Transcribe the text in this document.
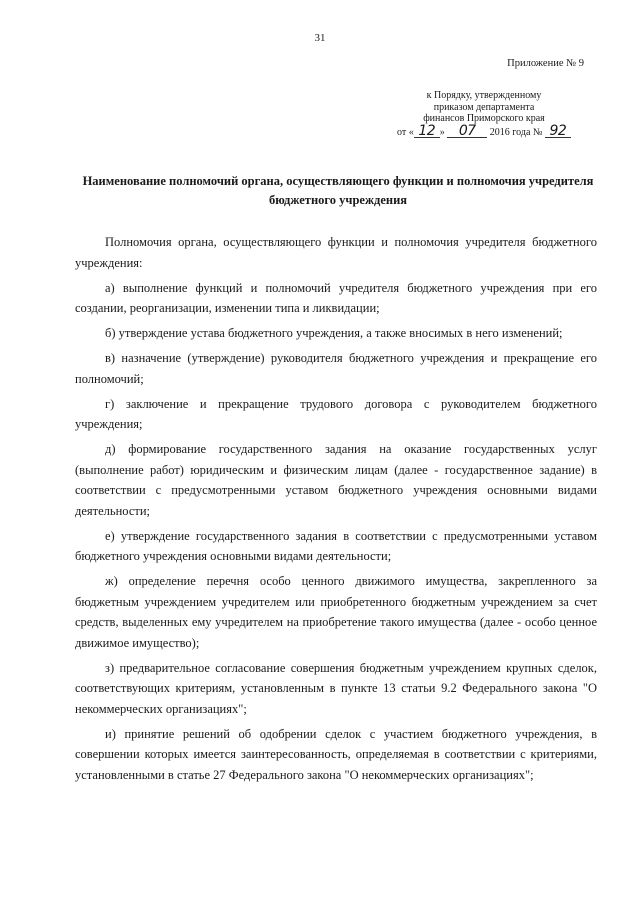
31
Приложение № 9
к Порядку, утвержденному
приказом департамента
финансов Приморского края
от « 12 » 07 2016 года № 92
Наименование полномочий органа, осуществляющего функции и полномочия учредителя бюджетного учреждения

Полномочия органа, осуществляющего функции и полномочия учредителя бюджетного учреждения:

а) выполнение функций и полномочий учредителя бюджетного учреждения при его создании, реорганизации, изменении типа и ликвидации;

б) утверждение устава бюджетного учреждения, а также вносимых в него изменений;

в) назначение (утверждение) руководителя бюджетного учреждения и прекращение его полномочий;

г) заключение и прекращение трудового договора с руководителем бюджетного учреждения;

д) формирование государственного задания на оказание государственных услуг (выполнение работ) юридическим и физическим лицам (далее - государственное задание) в соответствии с предусмотренными уставом бюджетного учреждения основными видами деятельности;

е) утверждение государственного задания в соответствии с предусмотренными уставом бюджетного учреждения основными видами деятельности;

ж) определение перечня особо ценного движимого имущества, закрепленного за бюджетным учреждением учредителем или приобретенного бюджетным учреждением за счет средств, выделенных ему учредителем на приобретение такого имущества (далее - особо ценное движимое имущество);

з) предварительное согласование совершения бюджетным учреждением крупных сделок, соответствующих критериям, установленным в пункте 13 статьи 9.2 Федерального закона "О некоммерческих организациях";

и) принятие решений об одобрении сделок с участием бюджетного учреждения, в совершении которых имеется заинтересованность, определяемая в соответствии с критериями, установленными в статье 27 Федерального закона "О некоммерческих организациях";
